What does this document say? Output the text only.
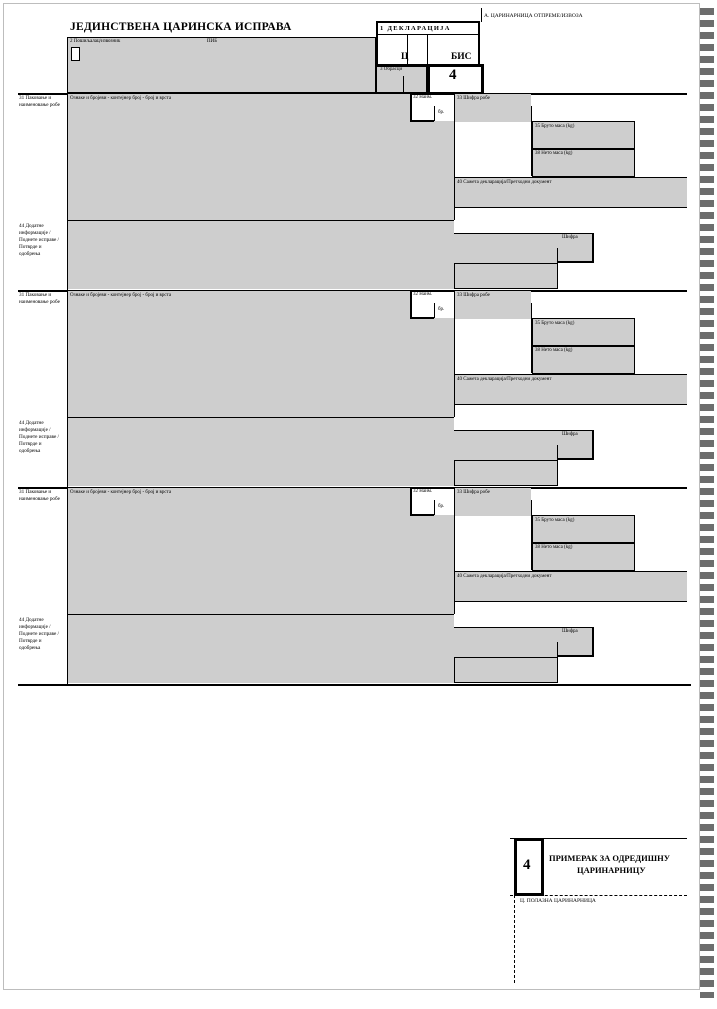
ЈЕДИНСТВЕНА ЦАРИНСКА ИСПРАВА
А. ЦАРИНАРНИЦА ОТПРЕМЕ/ИЗВОЗА
2 Пошиљалац/извозник	ПИБ
1 ДЕКЛАРАЦИЈА
Ц	БИС
3 Обрасци	4
31 Паковање и наименовање робе
Ознаке и бројеви - контејнер број - број и врста	32 Наим.
бр.
33 Шифра робе
35 Бруто маса (kg)
38 Нето маса (kg)
40 Сажета декларација/Претходни документ
44 Додатне информације / Поднете исправе / Потврде и одобрења
Шифра
31 Паковање и наименовање робе
Ознаке и бројеви - контејнер број - број и врста	32 Наим.
бр.
33 Шифра робе
35 Бруто маса (kg)
38 Нето маса (kg)
40 Сажета декларација/Претходни документ
44 Додатне информације / Поднете исправе / Потврде и одобрења
Шифра
31 Паковање и наименовање робе
Ознаке и бројеви - контејнер број - број и врста	32 Наим.
бр.
33 Шифра робе
35 Бруто маса (kg)
38 Нето маса (kg)
40 Сажета декларација/Претходни документ
44 Додатне информације / Поднете исправе / Потврде и одобрења
Шифра
4 ПРИМЕРАК ЗА ОДРЕДИШНУ
ЦАРИНАРНИЦУ
Ц. ПОЛАЗНА ЦАРИНАРНИЦА
